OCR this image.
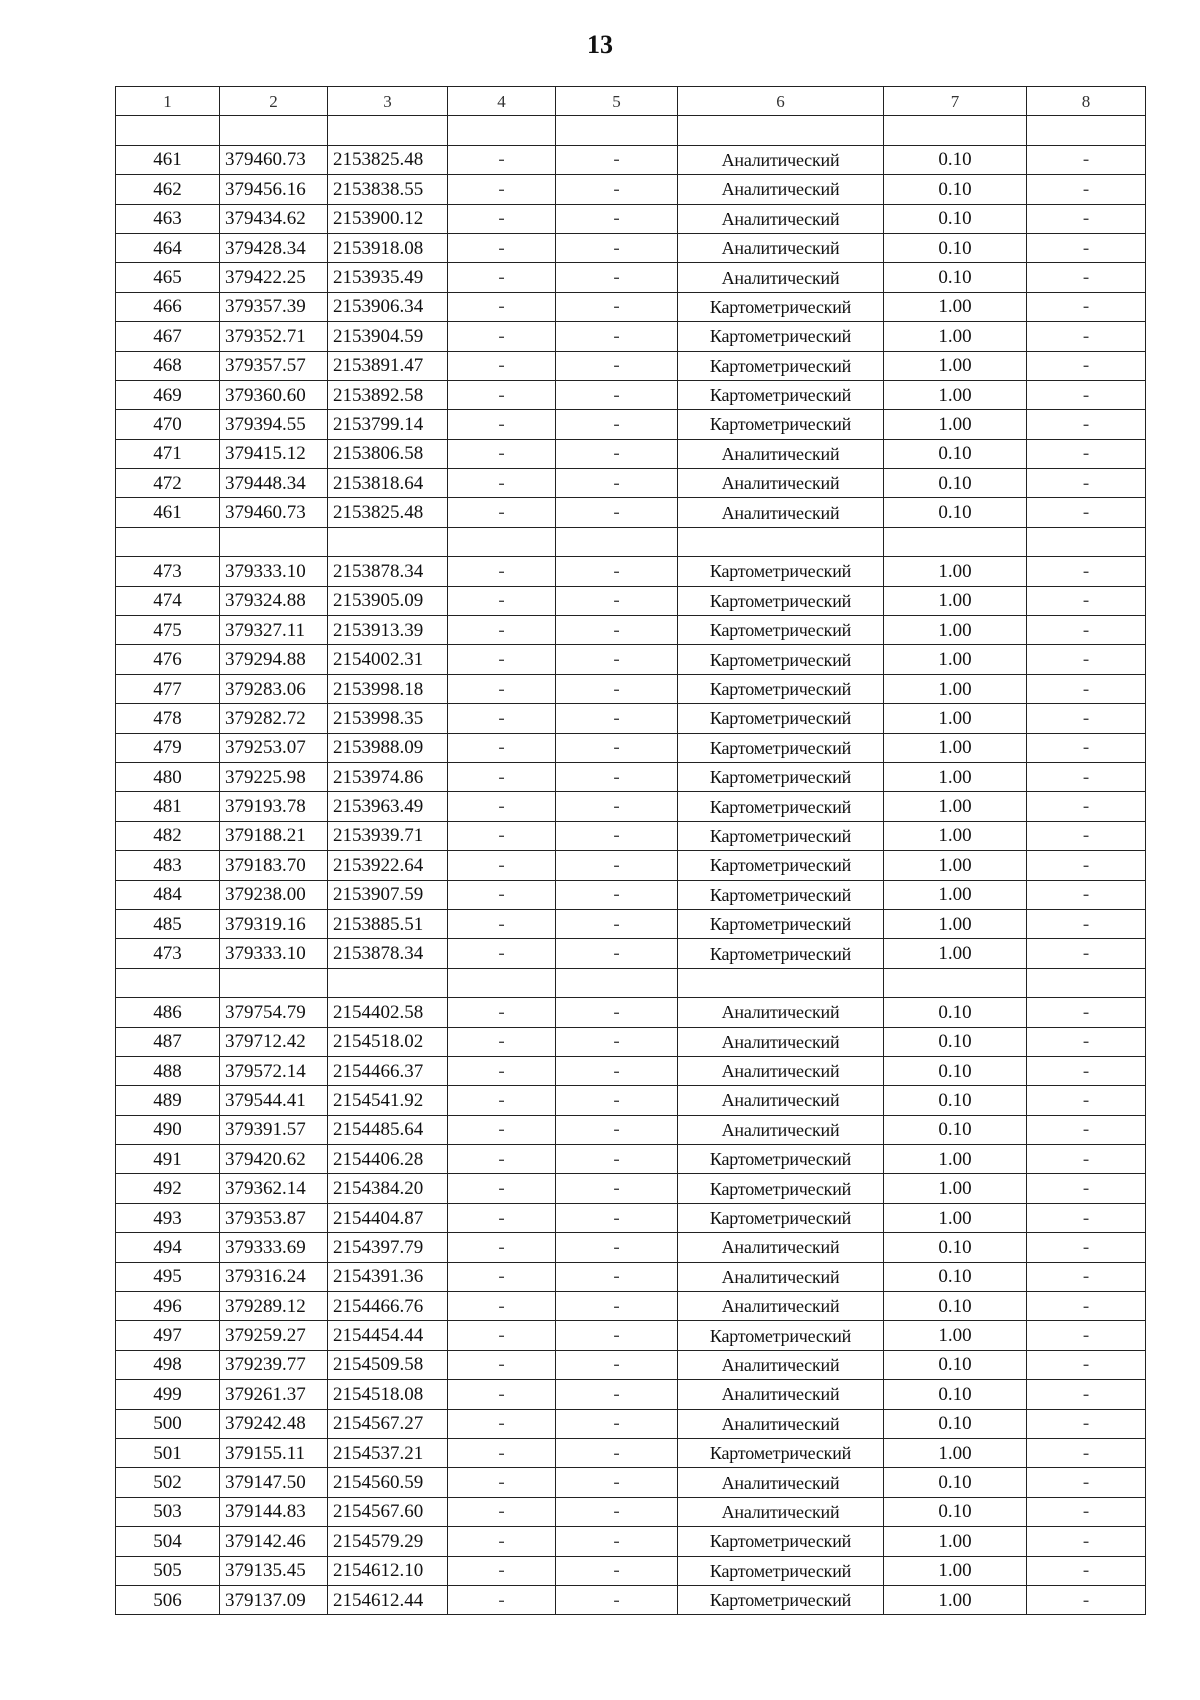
13
1	2	3	4	5	6	7	8

461	379460.73	2153825.48	-	-	Аналитический	0.10	-
462	379456.16	2153838.55	-	-	Аналитический	0.10	-
463	379434.62	2153900.12	-	-	Аналитический	0.10	-
464	379428.34	2153918.08	-	-	Аналитический	0.10	-
465	379422.25	2153935.49	-	-	Аналитический	0.10	-
466	379357.39	2153906.34	-	-	Картометрический	1.00	-
467	379352.71	2153904.59	-	-	Картометрический	1.00	-
468	379357.57	2153891.47	-	-	Картометрический	1.00	-
469	379360.60	2153892.58	-	-	Картометрический	1.00	-
470	379394.55	2153799.14	-	-	Картометрический	1.00	-
471	379415.12	2153806.58	-	-	Аналитический	0.10	-
472	379448.34	2153818.64	-	-	Аналитический	0.10	-
461	379460.73	2153825.48	-	-	Аналитический	0.10	-

473	379333.10	2153878.34	-	-	Картометрический	1.00	-
474	379324.88	2153905.09	-	-	Картометрический	1.00	-
475	379327.11	2153913.39	-	-	Картометрический	1.00	-
476	379294.88	2154002.31	-	-	Картометрический	1.00	-
477	379283.06	2153998.18	-	-	Картометрический	1.00	-
478	379282.72	2153998.35	-	-	Картометрический	1.00	-
479	379253.07	2153988.09	-	-	Картометрический	1.00	-
480	379225.98	2153974.86	-	-	Картометрический	1.00	-
481	379193.78	2153963.49	-	-	Картометрический	1.00	-
482	379188.21	2153939.71	-	-	Картометрический	1.00	-
483	379183.70	2153922.64	-	-	Картометрический	1.00	-
484	379238.00	2153907.59	-	-	Картометрический	1.00	-
485	379319.16	2153885.51	-	-	Картометрический	1.00	-
473	379333.10	2153878.34	-	-	Картометрический	1.00	-

486	379754.79	2154402.58	-	-	Аналитический	0.10	-
487	379712.42	2154518.02	-	-	Аналитический	0.10	-
488	379572.14	2154466.37	-	-	Аналитический	0.10	-
489	379544.41	2154541.92	-	-	Аналитический	0.10	-
490	379391.57	2154485.64	-	-	Аналитический	0.10	-
491	379420.62	2154406.28	-	-	Картометрический	1.00	-
492	379362.14	2154384.20	-	-	Картометрический	1.00	-
493	379353.87	2154404.87	-	-	Картометрический	1.00	-
494	379333.69	2154397.79	-	-	Аналитический	0.10	-
495	379316.24	2154391.36	-	-	Аналитический	0.10	-
496	379289.12	2154466.76	-	-	Аналитический	0.10	-
497	379259.27	2154454.44	-	-	Картометрический	1.00	-
498	379239.77	2154509.58	-	-	Аналитический	0.10	-
499	379261.37	2154518.08	-	-	Аналитический	0.10	-
500	379242.48	2154567.27	-	-	Аналитический	0.10	-
501	379155.11	2154537.21	-	-	Картометрический	1.00	-
502	379147.50	2154560.59	-	-	Аналитический	0.10	-
503	379144.83	2154567.60	-	-	Аналитический	0.10	-
504	379142.46	2154579.29	-	-	Картометрический	1.00	-
505	379135.45	2154612.10	-	-	Картометрический	1.00	-
506	379137.09	2154612.44	-	-	Картометрический	1.00	-
